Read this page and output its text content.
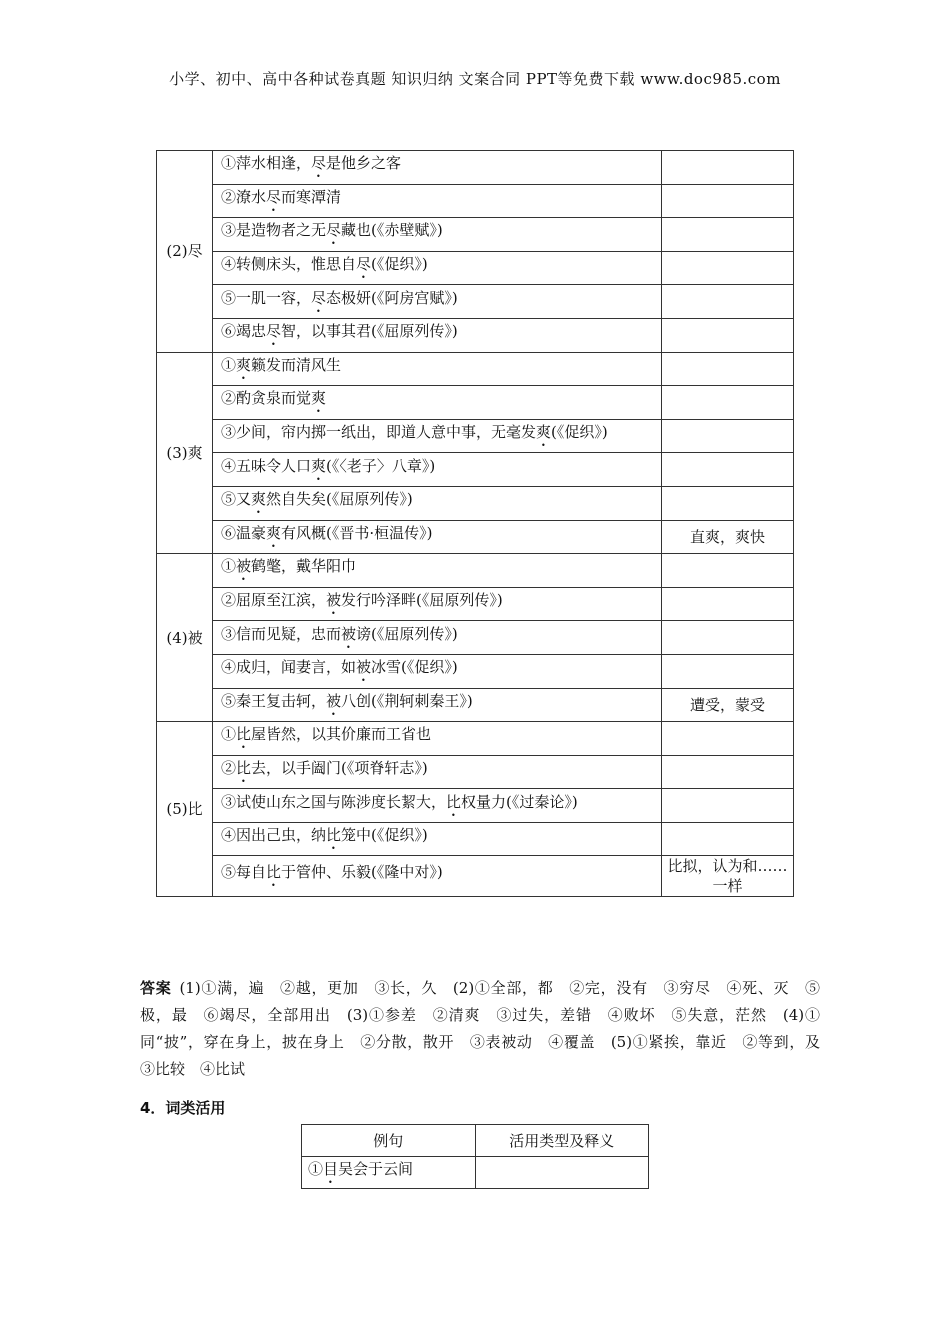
小学、初中、高中各种试卷真题 知识归纳 文案合同 PPT等免费下载 www.doc985.com
(2)尽	①萍水相逢，尽是他乡之客	
	②潦水尽而寒潭清	
	③是造物者之无尽藏也(《赤壁赋》)	
	④转侧床头，惟思自尽(《促织》)	
	⑤一肌一容，尽态极妍(《阿房宫赋》)	
	⑥竭忠尽智，以事其君(《屈原列传》)	
(3)爽	①爽籁发而清风生	
	②酌贪泉而觉爽	
	③少间，帘内掷一纸出，即道人意中事，无毫发爽(《促织》)	
	④五味令人口爽(《〈老子〉八章》)	
	⑤又爽然自失矣(《屈原列传》)	
	⑥温豪爽有风概(《晋书·桓温传》)	直爽，爽快
(4)被	①被鹤氅，戴华阳巾	
	②屈原至江滨，被发行吟泽畔(《屈原列传》)	
	③信而见疑，忠而被谤(《屈原列传》)	
	④成归，闻妻言，如被冰雪(《促织》)	
	⑤秦王复击轲，被八创(《荆轲刺秦王》)	遭受，蒙受
(5)比	①比屋皆然，以其价廉而工省也	
	②比去，以手阖门(《项脊轩志》)	
	③试使山东之国与陈涉度长絜大，比权量力(《过秦论》)	
	④因出己虫，纳比笼中(《促织》)	
	⑤每自比于管仲、乐毅(《隆中对》)	比拟，认为和……一样
答案 (1)①满，遍　②越，更加　③长，久　(2)①全部，都　②完，没有　③穷尽　④死、灭　⑤极，最　⑥竭尽，全部用出　(3)①参差　②清爽　③过失，差错　④败坏　⑤失意，茫然　(4)①同“披”，穿在身上，披在身上　②分散，散开　③表被动　④覆盖　(5)①紧挨，靠近　②等到，及　③比较　④比试
4．词类活用
例句	活用类型及释义
①目吴会于云间	
